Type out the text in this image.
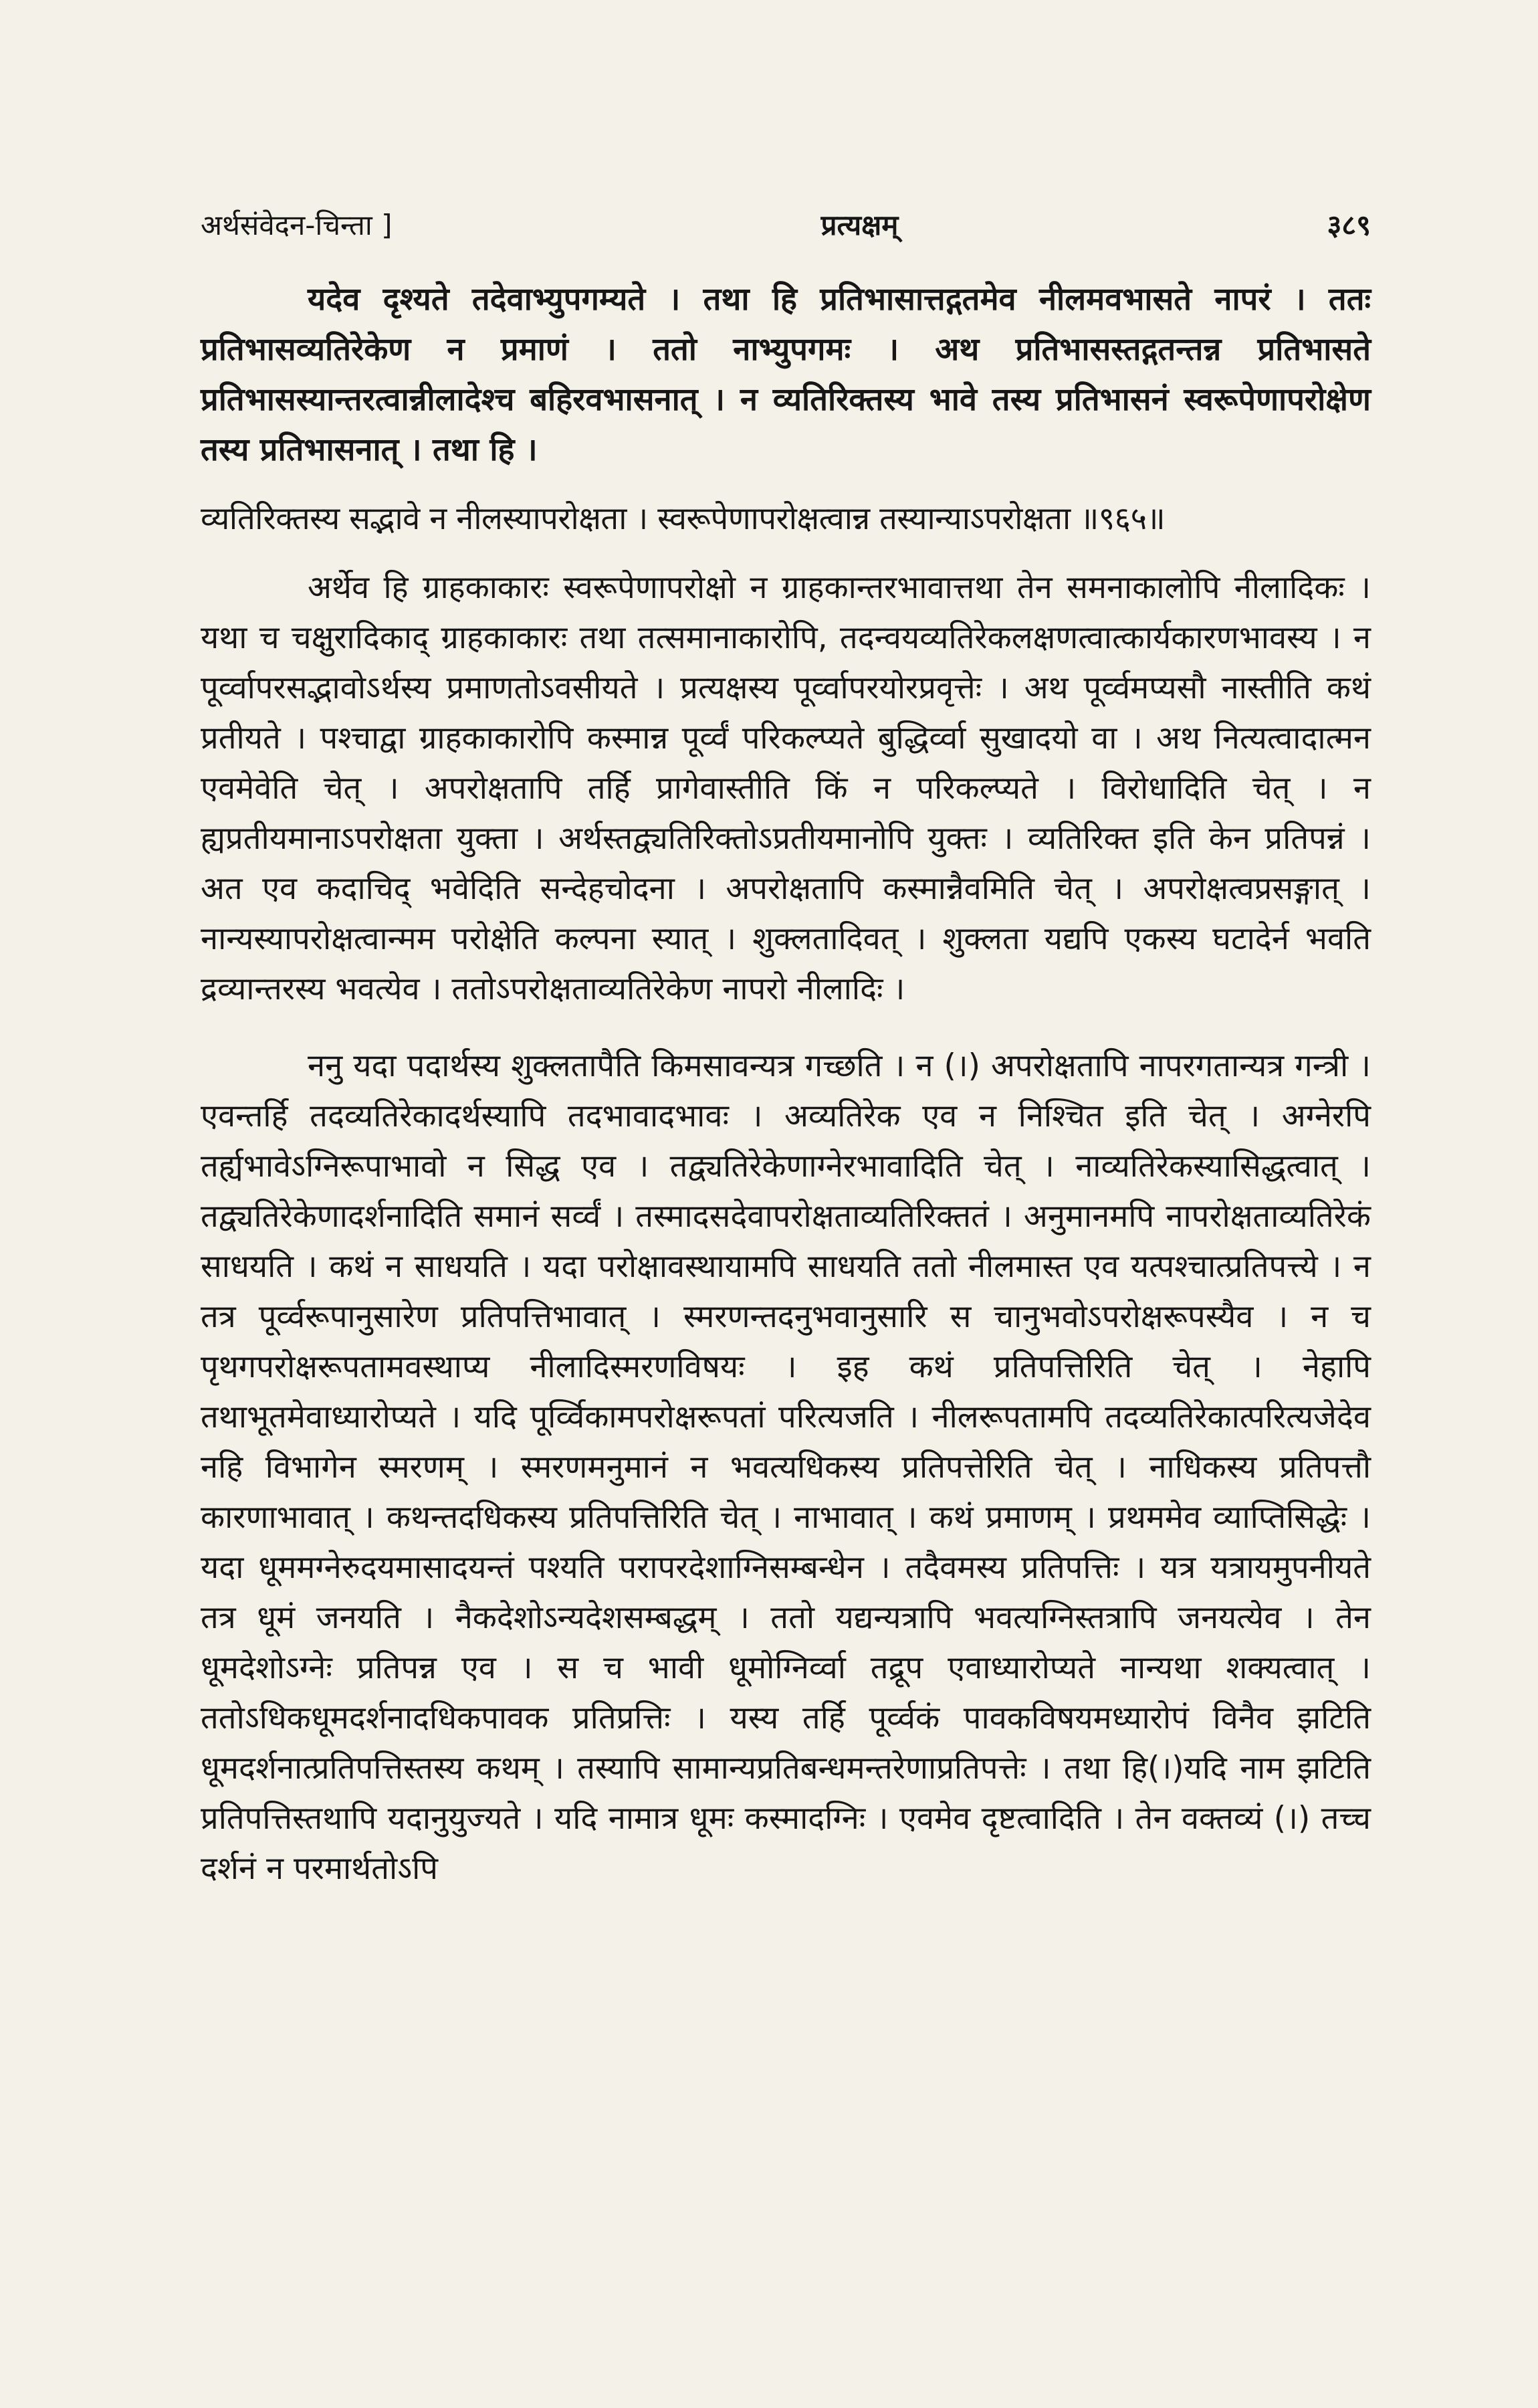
अर्थसंवेदन-चिन्ता ]	प्रत्यक्षम्	३८९

यदेव दृश्यते तदेवाभ्युपगम्यते । तथा हि प्रतिभासात्तद्गतमेव नीलमवभासते नापरं । ततः प्रतिभासव्यतिरेकेण न प्रमाणं । ततो नाभ्युपगमः । अथ प्रतिभासस्तद्गतन्तन्न प्रतिभासते प्रतिभासस्यान्तरत्वान्नीलादेश्च बहिरवभासनात् । न व्यतिरिक्तस्य भावे तस्य प्रतिभासनं स्वरूपेणापरोक्षेण तस्य प्रतिभासनात् । तथा हि ।

व्यतिरिक्तस्य सद्भावे न नीलस्यापरोक्षता । स्वरूपेणापरोक्षत्वान्न तस्यान्याऽपरोक्षता ॥९६५॥

अर्थेव हि ग्राहकाकारः स्वरूपेणापरोक्षो न ग्राहकान्तरभावात्तथा तेन समनाकालोपि नीलादिकः । यथा च चक्षुरादिकाद् ग्राहकाकारः तथा तत्समानाकारोपि, तदन्वयव्यतिरेकलक्षणत्वात्कार्यकारणभावस्य । न पूर्व्वापरसद्भावोऽर्थस्य प्रमाणतोऽवसीयते । प्रत्यक्षस्य पूर्व्वापरयोरप्रवृत्तेः । अथ पूर्व्वमप्यसौ नास्तीति कथं प्रतीयते । पश्चाद्वा ग्राहकाकारोपि कस्मान्न पूर्व्वं परिकल्प्यते बुद्धिर्व्वा सुखादयो वा । अथ नित्यत्वादात्मन एवमेवेति चेत् । अपरोक्षतापि तर्हि प्रागेवास्तीति किं न परिकल्प्यते । विरोधादिति चेत् । न ह्यप्रतीयमानाऽपरोक्षता युक्ता । अर्थस्तद्व्यतिरिक्तोऽप्रतीयमानोपि युक्तः । व्यतिरिक्त इति केन प्रतिपन्नं । अत एव कदाचिद् भवेदिति सन्देहचोदना । अपरोक्षतापि कस्मान्नैवमिति चेत् । अपरोक्षत्वप्रसङ्गात् । नान्यस्यापरोक्षत्वान्मम परोक्षेति कल्पना स्यात् । शुक्लतादिवत् । शुक्लता यद्यपि एकस्य घटादेर्न भवति द्रव्यान्तरस्य भवत्येव । ततोऽपरोक्षताव्यतिरेकेण नापरो नीलादिः ।

ननु यदा पदार्थस्य शुक्लतापैति किमसावन्यत्र गच्छति । न (।) अपरोक्षतापि नापरगतान्यत्र गन्त्री । एवन्तर्हि तदव्यतिरेकादर्थस्यापि तदभावादभावः । अव्यतिरेक एव न निश्चित इति चेत् । अग्नेरपि तर्ह्यभावेऽग्निरूपाभावो न सिद्ध एव । तद्व्यतिरेकेणाग्नेरभावादिति चेत् । नाव्यतिरेकस्यासिद्धत्वात् । तद्व्यतिरेकेणादर्शनादिति समानं सर्व्वं । तस्मादसदेवापरोक्षताव्यतिरिक्ततं । अनुमानमपि नापरोक्षताव्यतिरेकं साधयति । कथं न साधयति । यदा परोक्षावस्थायामपि साधयति ततो नीलमास्त एव यत्पश्चात्प्रतिपत्त्ये । न तत्र पूर्व्वरूपानुसारेण प्रतिपत्तिभावात् । स्मरणन्तदनुभवानुसारि स चानुभवोऽपरोक्षरूपस्यैव । न च पृथगपरोक्षरूपतामवस्थाप्य नीलादिस्मरणविषयः । इह कथं प्रतिपत्तिरिति चेत् । नेहापि तथाभूतमेवाध्यारोप्यते । यदि पूर्व्विकामपरोक्षरूपतां परित्यजति । नीलरूपतामपि तदव्यतिरेकात्परित्यजेदेव नहि विभागेन स्मरणम् । स्मरणमनुमानं न भवत्यधिकस्य प्रतिपत्तेरिति चेत् । नाधिकस्य प्रतिपत्तौ कारणाभावात् । कथन्तदधिकस्य प्रतिपत्तिरिति चेत् । नाभावात् । कथं प्रमाणम् । प्रथममेव व्याप्तिसिद्धेः । यदा धूममग्नेरुदयमासादयन्तं पश्यति परापरदेशाग्निसम्बन्धेन । तदैवमस्य प्रतिपत्तिः । यत्र यत्रायमुपनीयते तत्र धूमं जनयति । नैकदेशोऽन्यदेशसम्बद्धम् । ततो यद्यन्यत्रापि भवत्यग्निस्तत्रापि जनयत्येव । तेन धूमदेशोऽग्नेः प्रतिपन्न एव । स च भावी धूमोग्निर्व्वा तद्रूप एवाध्यारोप्यते नान्यथा शक्यत्वात् । ततोऽधिकधूमदर्शनादधिकपावक प्रतिप्रत्तिः । यस्य तर्हि पूर्व्वकं पावकविषयमध्यारोपं विनैव झटिति धूमदर्शनात्प्रतिपत्तिस्तस्य कथम् । तस्यापि सामान्यप्रतिबन्धमन्तरेणाप्रतिपत्तेः । तथा हि(।)यदि नाम झटिति प्रतिपत्तिस्तथापि यदानुयुज्यते । यदि नामात्र धूमः कस्मादग्निः । एवमेव दृष्टत्वादिति । तेन वक्तव्यं (।) तच्च दर्शनं न परमार्थतोऽपि
